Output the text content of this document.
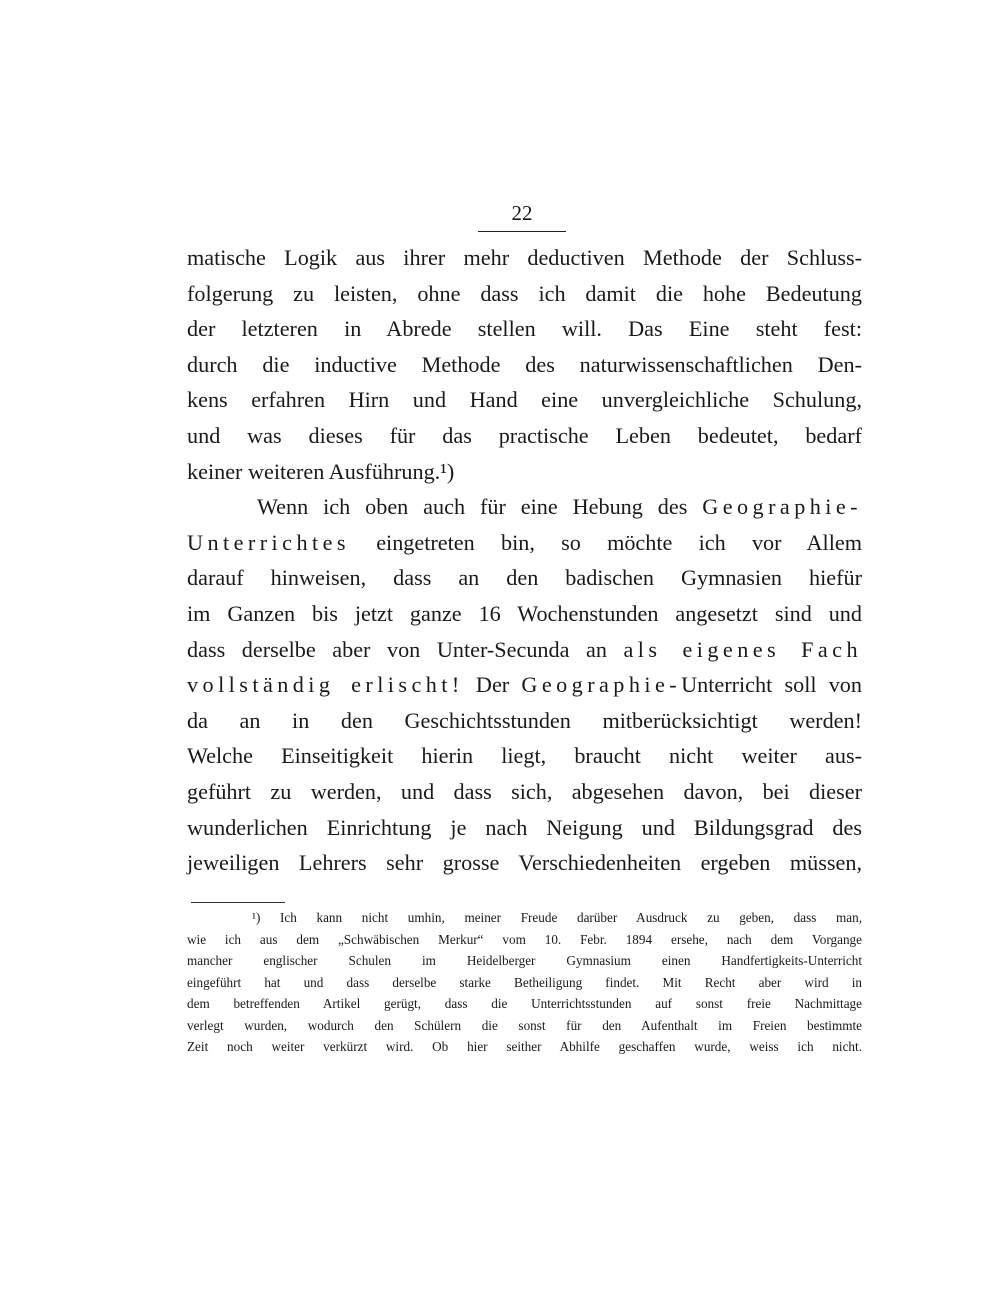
22
matische Logik aus ihrer mehr deductiven Methode der Schluss-
folgerung zu leisten, ohne dass ich damit die hohe Bedeutung
der letzteren in Abrede stellen will. Das Eine steht fest:
durch die inductive Methode des naturwissenschaftlichen Den-
kens erfahren Hirn und Hand eine unvergleichliche Schulung,
und was dieses für das practische Leben bedeutet, bedarf
keiner weiteren Ausführung.¹)
Wenn ich oben auch für eine Hebung des Geographie-
Unterrichtes eingetreten bin, so möchte ich vor Allem
darauf hinweisen, dass an den badischen Gymnasien hiefür
im Ganzen bis jetzt ganze 16 Wochenstunden angesetzt sind und
dass derselbe aber von Unter-Secunda an als eigenes Fach
vollständig erlischt! Der Geographie-Unterricht soll von
da an in den Geschichtsstunden mitberücksichtigt werden!
Welche Einseitigkeit hierin liegt, braucht nicht weiter aus-
geführt zu werden, und dass sich, abgesehen davon, bei dieser
wunderlichen Einrichtung je nach Neigung und Bildungsgrad des
jeweiligen Lehrers sehr grosse Verschiedenheiten ergeben müssen,
¹) Ich kann nicht umhin, meiner Freude darüber Ausdruck zu geben, dass man,
wie ich aus dem „Schwäbischen Merkur“ vom 10. Febr. 1894 ersehe, nach dem Vorgange
mancher englischer Schulen im Heidelberger Gymnasium einen Handfertigkeits-Unterricht
eingeführt hat und dass derselbe starke Betheiligung findet. Mit Recht aber wird in
dem betreffenden Artikel gerügt, dass die Unterrichtsstunden auf sonst freie Nachmittage
verlegt wurden, wodurch den Schülern die sonst für den Aufenthalt im Freien bestimmte
Zeit noch weiter verkürzt wird. Ob hier seither Abhilfe geschaffen wurde, weiss ich nicht.
